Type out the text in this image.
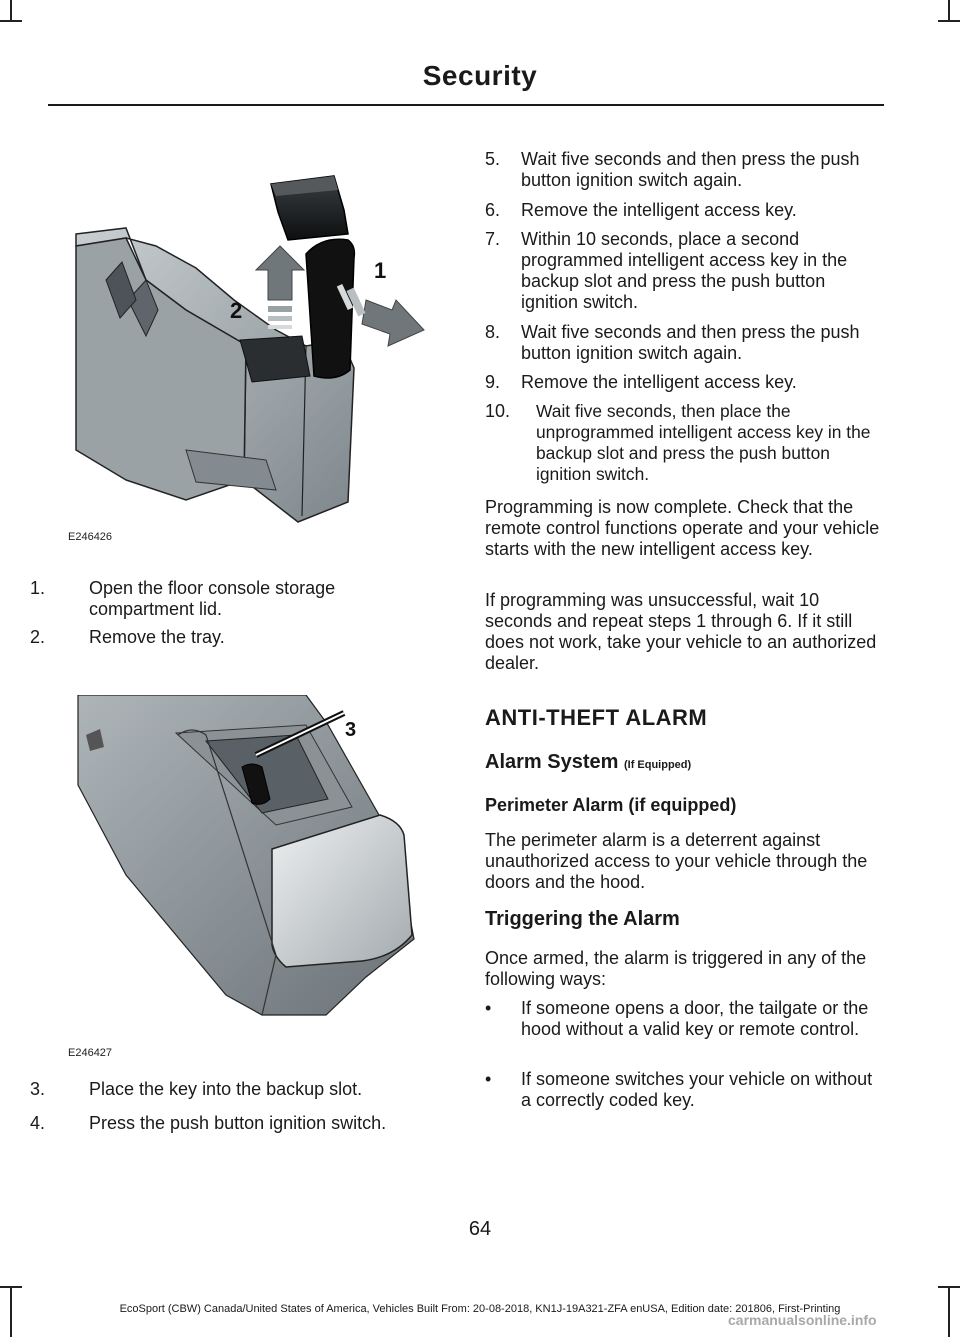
Security
1
2
E246426
1. Open the floor console storage compartment lid.
2. Remove the tray.
3
E246427
3. Place the key into the backup slot.
4. Press the push button ignition switch.
5. Wait five seconds and then press the push button ignition switch again.
6. Remove the intelligent access key.
7. Within 10 seconds, place a second programmed intelligent access key in the backup slot and press the push button ignition switch.
8. Wait five seconds and then press the push button ignition switch again.
9. Remove the intelligent access key.
10. Wait five seconds, then place the unprogrammed intelligent access key in the backup slot and press the push button ignition switch.
Programming is now complete. Check that the remote control functions operate and your vehicle starts with the new intelligent access key.
If programming was unsuccessful, wait 10 seconds and repeat steps 1 through 6. If it still does not work, take your vehicle to an authorized dealer.
ANTI-THEFT ALARM
Alarm System (If Equipped)
Perimeter Alarm (if equipped)
The perimeter alarm is a deterrent against unauthorized access to your vehicle through the doors and the hood.
Triggering the Alarm
Once armed, the alarm is triggered in any of the following ways:
• If someone opens a door, the tailgate or the hood without a valid key or remote control.
• If someone switches your vehicle on without a correctly coded key.
64
EcoSport (CBW) Canada/United States of America, Vehicles Built From: 20-08-2018, KN1J-19A321-ZFA enUSA, Edition date: 201806, First-Printing
carmanualsonline.info
